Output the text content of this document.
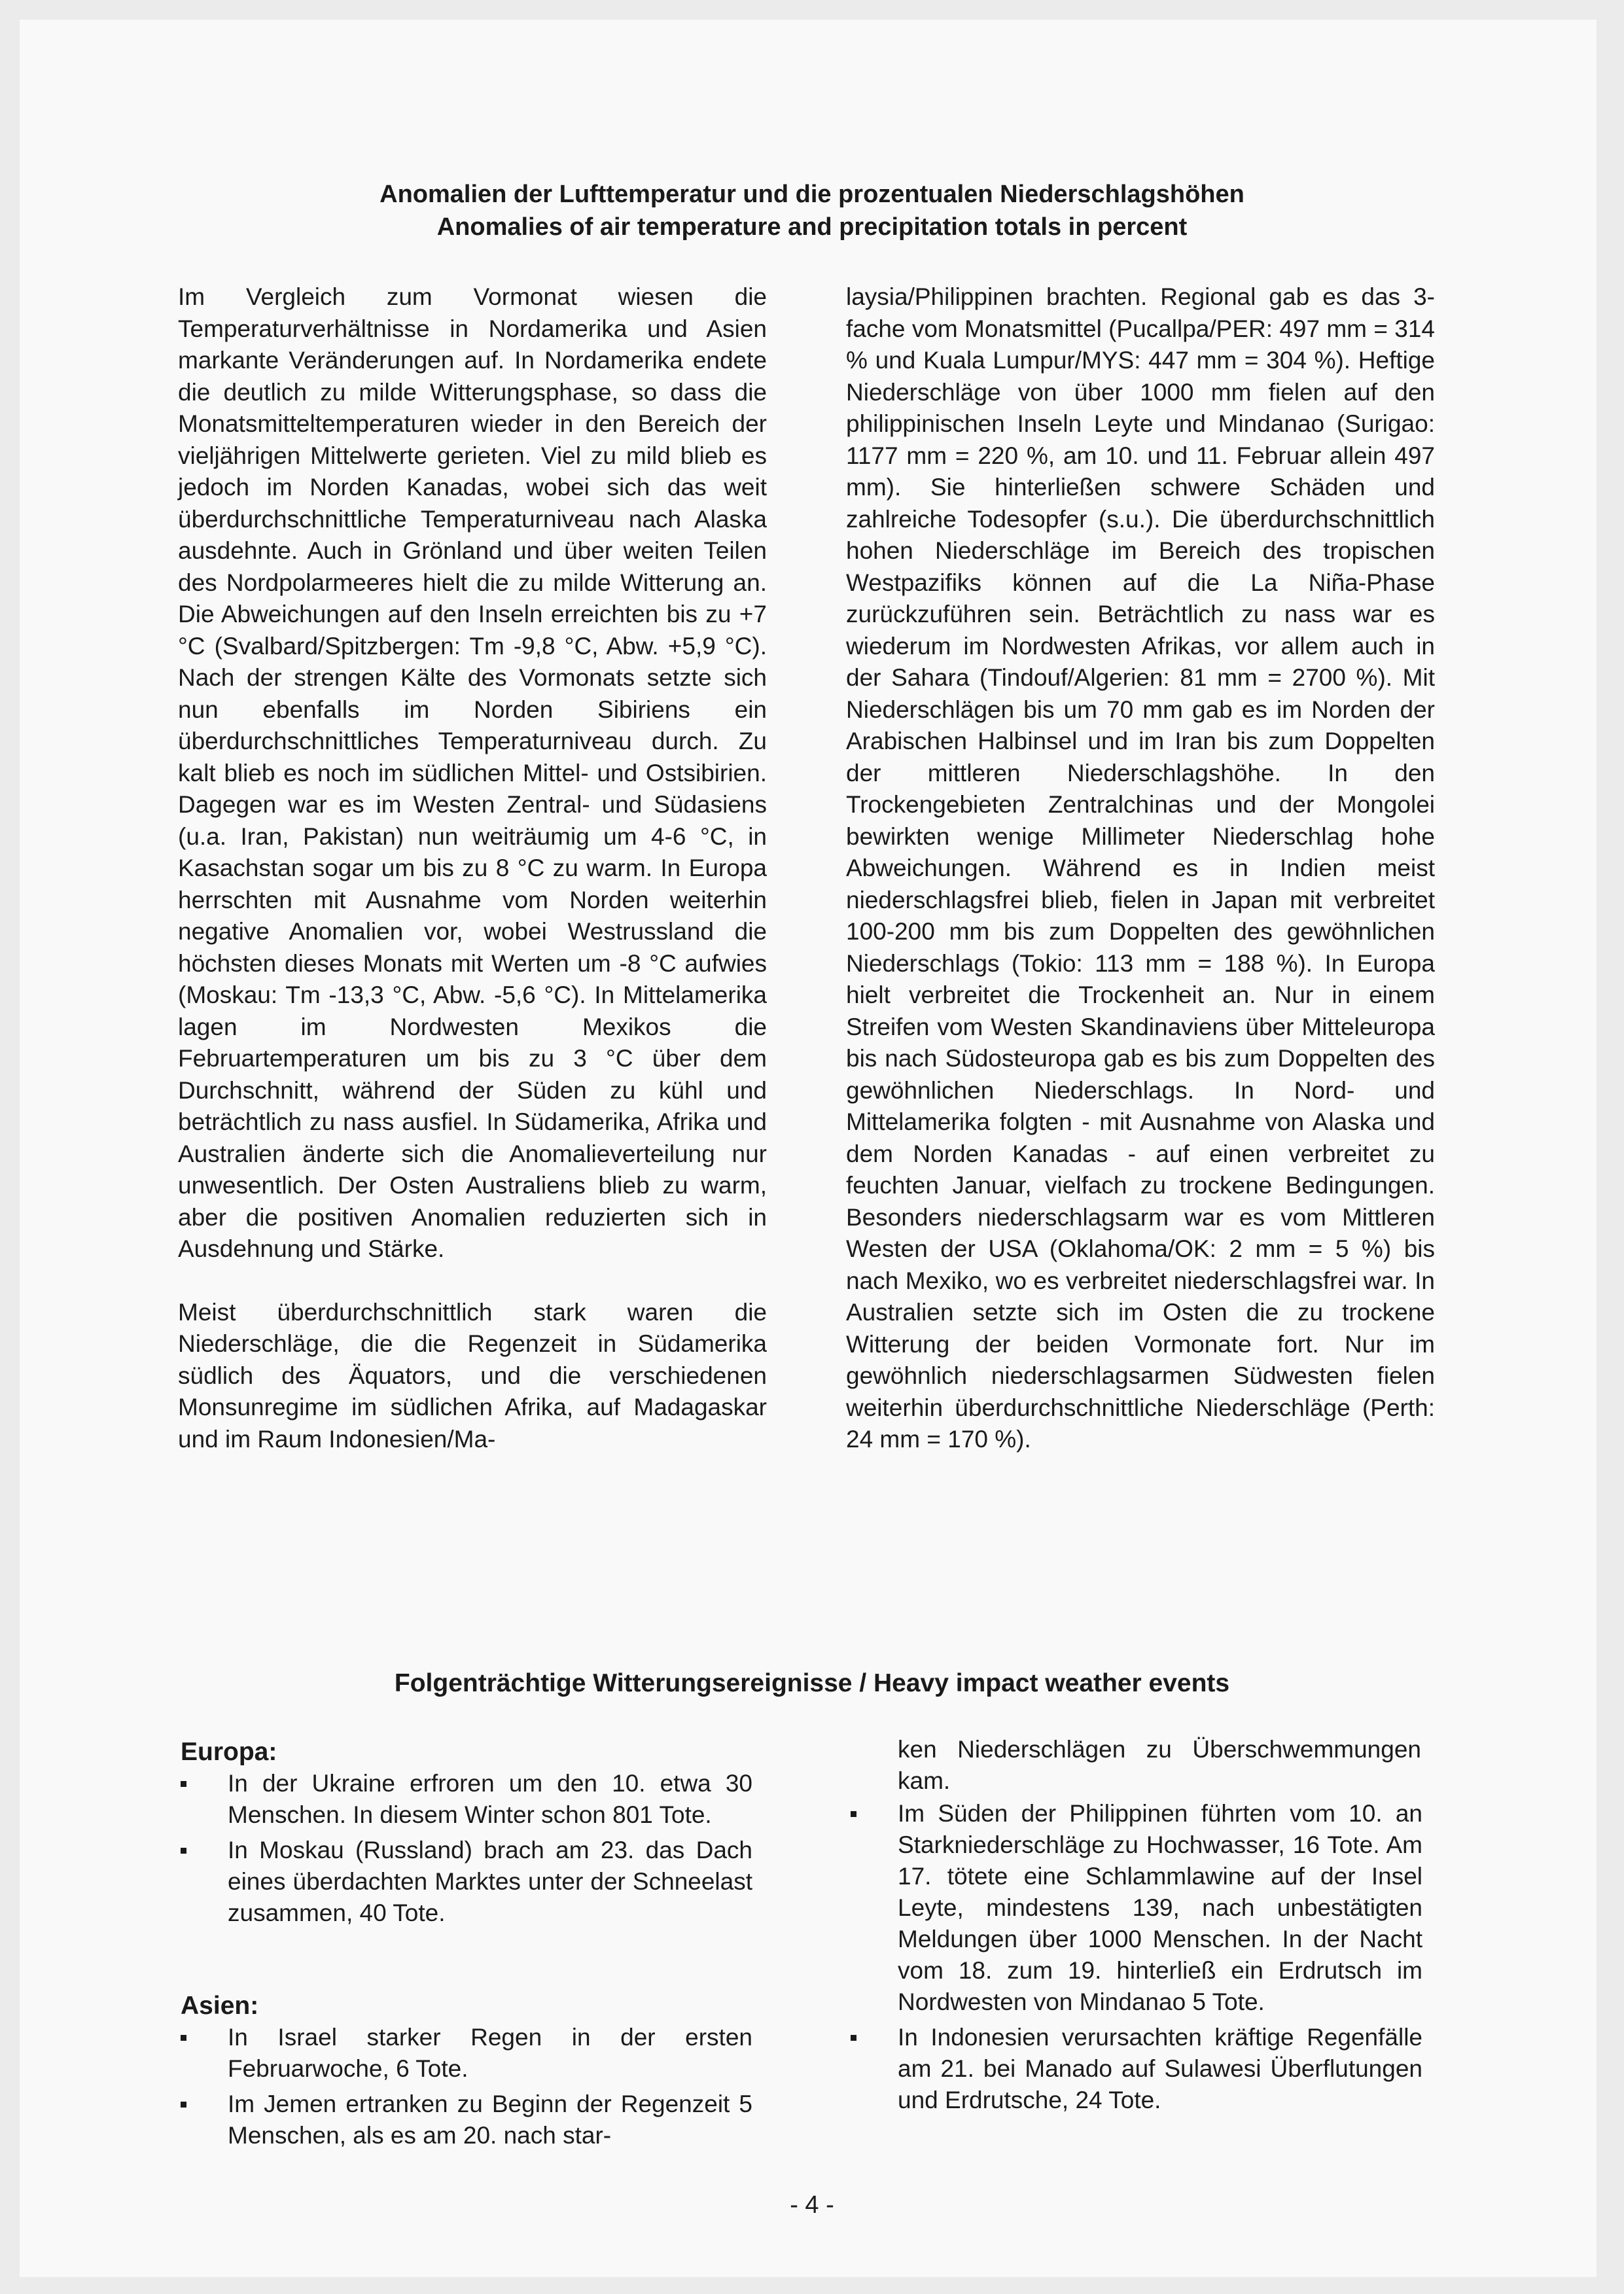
Anomalien der Lufttemperatur und die prozentualen Niederschlagshöhen
Anomalies of air temperature and precipitation totals in percent

Im Vergleich zum Vormonat wiesen die Temperaturverhältnisse in Nordamerika und Asien markante Veränderungen auf. In Nordamerika endete die deutlich zu milde Witterungsphase, so dass die Monatsmitteltemperaturen wieder in den Bereich der vieljährigen Mittelwerte gerieten. Viel zu mild blieb es jedoch im Norden Kanadas, wobei sich das weit überdurchschnittliche Temperaturniveau nach Alaska ausdehnte. Auch in Grönland und über weiten Teilen des Nordpolarmeeres hielt die zu milde Witterung an. Die Abweichungen auf den Inseln erreichten bis zu +7 °C (Svalbard/Spitzbergen: Tm -9,8 °C, Abw. +5,9 °C). Nach der strengen Kälte des Vormonats setzte sich nun ebenfalls im Norden Sibiriens ein überdurchschnittliches Temperaturniveau durch. Zu kalt blieb es noch im südlichen Mittel- und Ostsibirien. Dagegen war es im Westen Zentral- und Südasiens (u.a. Iran, Pakistan) nun weiträumig um 4-6 °C, in Kasachstan sogar um bis zu 8 °C zu warm. In Europa herrschten mit Ausnahme vom Norden weiterhin negative Anomalien vor, wobei Westrussland die höchsten dieses Monats mit Werten um -8 °C aufwies (Moskau: Tm -13,3 °C, Abw. -5,6 °C). In Mittelamerika lagen im Nordwesten Mexikos die Februartemperaturen um bis zu 3 °C über dem Durchschnitt, während der Süden zu kühl und beträchtlich zu nass ausfiel. In Südamerika, Afrika und Australien änderte sich die Anomalieverteilung nur unwesentlich. Der Osten Australiens blieb zu warm, aber die positiven Anomalien reduzierten sich in Ausdehnung und Stärke.

Meist überdurchschnittlich stark waren die Niederschläge, die die Regenzeit in Südamerika südlich des Äquators, und die verschiedenen Monsunregime im südlichen Afrika, auf Madagaskar und im Raum Indonesien/Ma-

laysia/Philippinen brachten. Regional gab es das 3-fache vom Monatsmittel (Pucallpa/PER: 497 mm = 314 % und Kuala Lumpur/MYS: 447 mm = 304 %). Heftige Niederschläge von über 1000 mm fielen auf den philippinischen Inseln Leyte und Mindanao (Surigao: 1177 mm = 220 %, am 10. und 11. Februar allein 497 mm). Sie hinterließen schwere Schäden und zahlreiche Todesopfer (s.u.). Die überdurchschnittlich hohen Niederschläge im Bereich des tropischen Westpazifiks können auf die La Niña-Phase zurückzuführen sein. Beträchtlich zu nass war es wiederum im Nordwesten Afrikas, vor allem auch in der Sahara (Tindouf/Algerien: 81 mm = 2700 %). Mit Niederschlägen bis um 70 mm gab es im Norden der Arabischen Halbinsel und im Iran bis zum Doppelten der mittleren Niederschlagshöhe. In den Trockengebieten Zentralchinas und der Mongolei bewirkten wenige Millimeter Niederschlag hohe Abweichungen. Während es in Indien meist niederschlagsfrei blieb, fielen in Japan mit verbreitet 100-200 mm bis zum Doppelten des gewöhnlichen Niederschlags (Tokio: 113 mm = 188 %). In Europa hielt verbreitet die Trockenheit an. Nur in einem Streifen vom Westen Skandinaviens über Mitteleuropa bis nach Südosteuropa gab es bis zum Doppelten des gewöhnlichen Niederschlags. In Nord- und Mittelamerika folgten - mit Ausnahme von Alaska und dem Norden Kanadas - auf einen verbreitet zu feuchten Januar, vielfach zu trockene Bedingungen. Besonders niederschlagsarm war es vom Mittleren Westen der USA (Oklahoma/OK: 2 mm = 5 %) bis nach Mexiko, wo es verbreitet niederschlagsfrei war. In Australien setzte sich im Osten die zu trockene Witterung der beiden Vormonate fort. Nur im gewöhnlich niederschlagsarmen Südwesten fielen weiterhin überdurchschnittliche Niederschläge (Perth: 24 mm = 170 %).

Folgenträchtige Witterungsereignisse / Heavy impact weather events
Europa:
In der Ukraine erfroren um den 10. etwa 30 Menschen. In diesem Winter schon 801 Tote.
In Moskau (Russland) brach am 23. das Dach eines überdachten Marktes unter der Schneelast zusammen, 40 Tote.
Asien:
In Israel starker Regen in der ersten Februarwoche, 6 Tote.
Im Jemen ertranken zu Beginn der Regenzeit 5 Menschen, als es am 20. nach star-
ken Niederschlägen zu Überschwemmungen kam.
Im Süden der Philippinen führten vom 10. an Starkniederschläge zu Hochwasser, 16 Tote. Am 17. tötete eine Schlammlawine auf der Insel Leyte, mindestens 139, nach unbestätigten Meldungen über 1000 Menschen. In der Nacht vom 18. zum 19. hinterließ ein Erdrutsch im Nordwesten von Mindanao 5 Tote.
In Indonesien verursachten kräftige Regenfälle am 21. bei Manado auf Sulawesi Überflutungen und Erdrutsche, 24 Tote.
- 4 -
